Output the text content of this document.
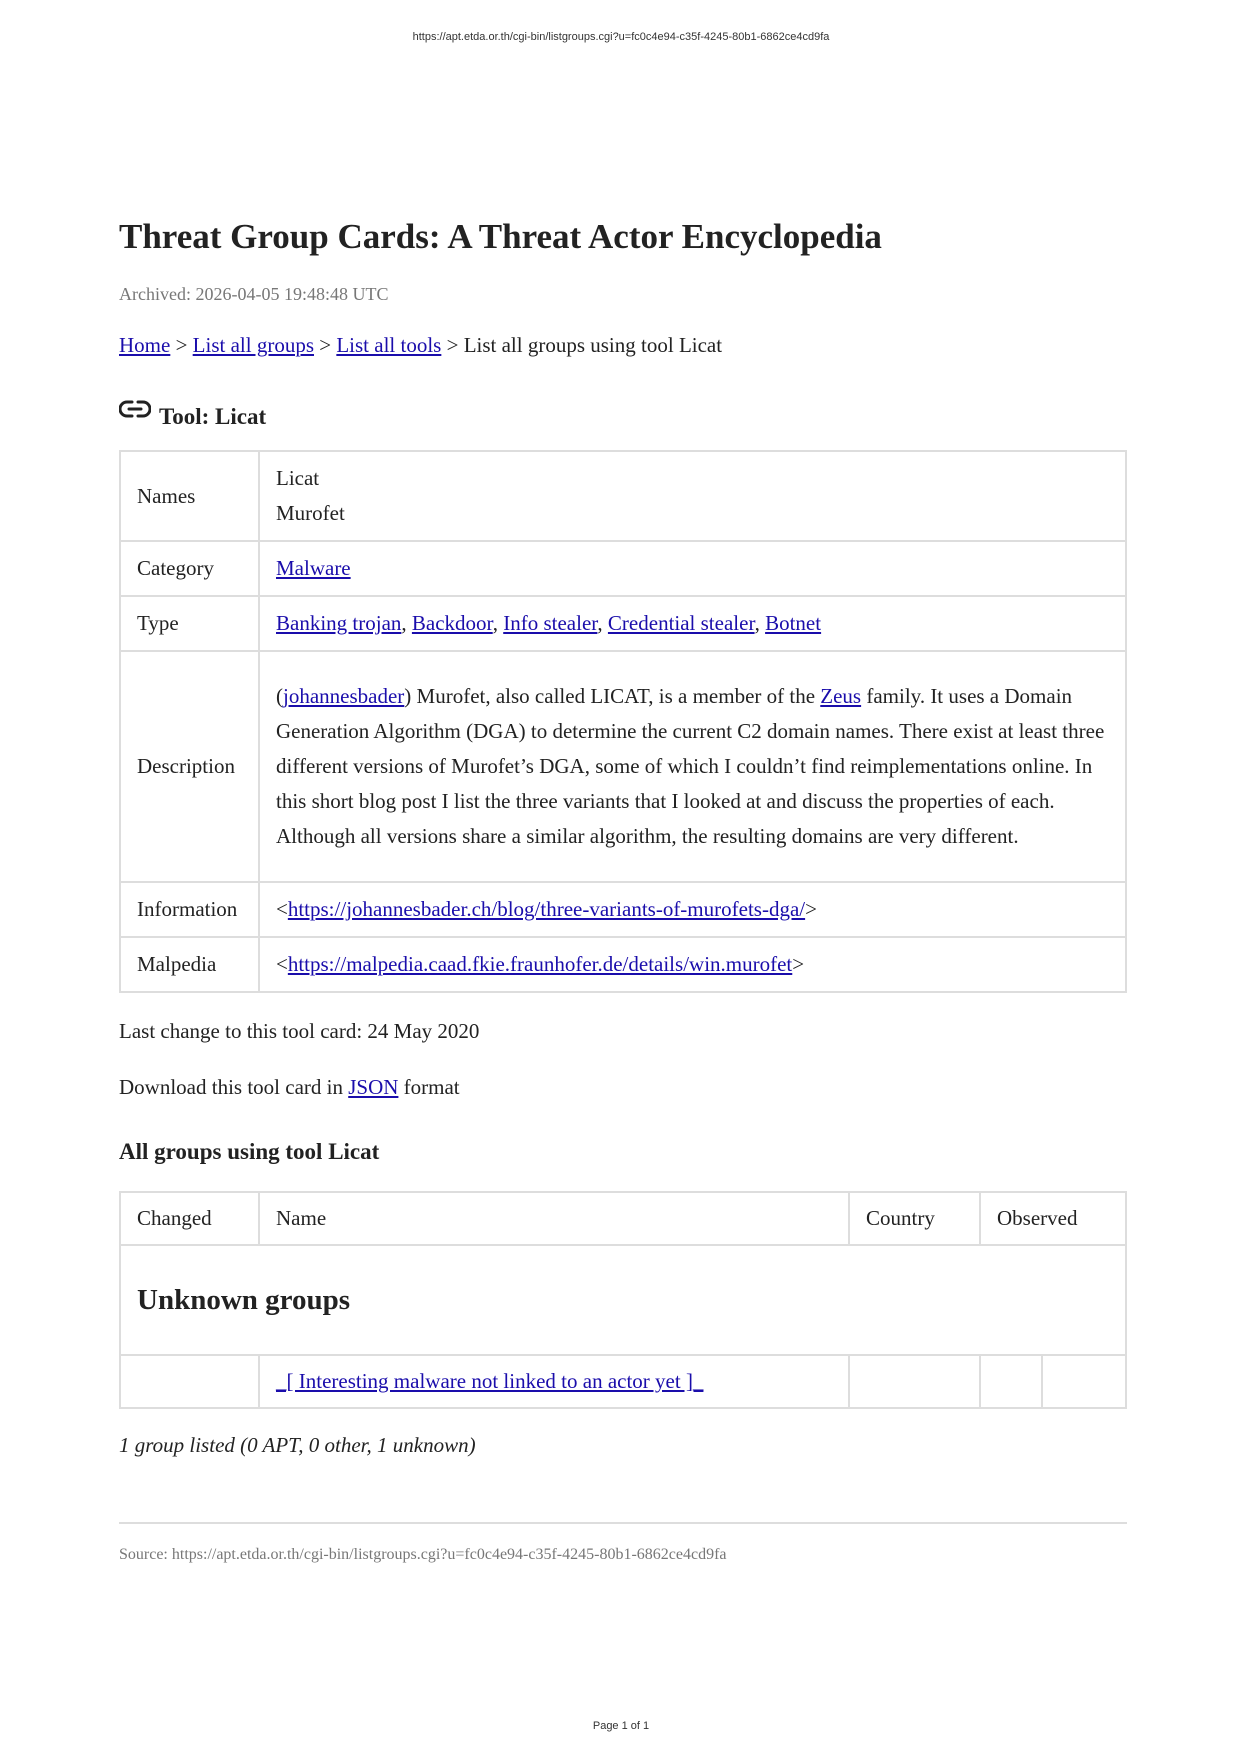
https://apt.etda.or.th/cgi-bin/listgroups.cgi?u=fc0c4e94-c35f-4245-80b1-6862ce4cd9fa
Threat Group Cards: A Threat Actor Encyclopedia
Archived: 2026-04-05 19:48:48 UTC
Home > List all groups > List all tools > List all groups using tool Licat
Tool: Licat
Names	Licat
Murofet

Category	Malware
Type	Banking trojan, Backdoor, Info stealer, Credential stealer, Botnet
Description	(johannesbader) Murofet, also called LICAT, is a member of the Zeus family. It uses a Domain Generation Algorithm (DGA) to determine the current C2 domain names. There exist at least three different versions of Murofet’s DGA, some of which I couldn’t find reimplementations online. In this short blog post I list the three variants that I looked at and discuss the properties of each. Although all versions share a similar algorithm, the resulting domains are very different.
Information	<https://johannesbader.ch/blog/three-variants-of-murofets-dga/>
Malpedia	<https://malpedia.caad.fkie.fraunhofer.de/details/win.murofet>
Last change to this tool card: 24 May 2020
Download this tool card in JSON format
All groups using tool Licat
Changed	Name	Country	Observed	
Unknown groups				
	_[ Interesting malware not linked to an actor yet ]_			
1 group listed (0 APT, 0 other, 1 unknown)
Source: https://apt.etda.or.th/cgi-bin/listgroups.cgi?u=fc0c4e94-c35f-4245-80b1-6862ce4cd9fa
Page 1 of 1
